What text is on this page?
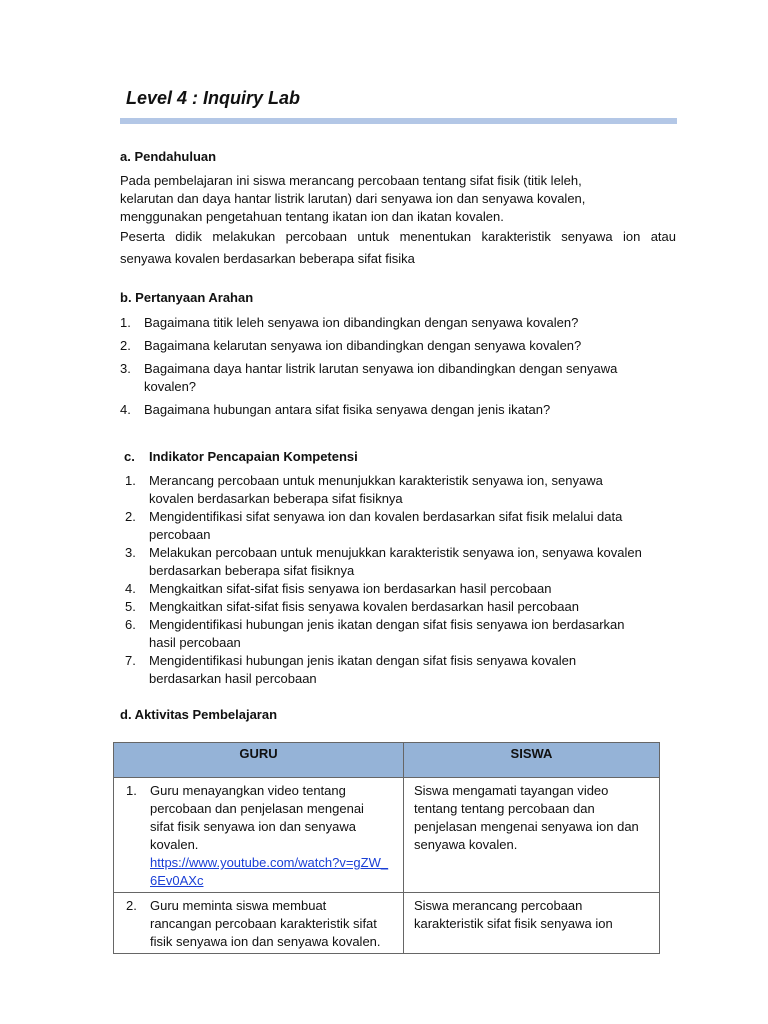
Level 4 : Inquiry Lab
a. Pendahuluan
Pada pembelajaran ini siswa merancang percobaan tentang sifat fisik (titik leleh,
kelarutan dan daya hantar listrik larutan) dari senyawa ion dan senyawa kovalen,
menggunakan pengetahuan tentang ikatan ion dan ikatan kovalen.
Peserta didik melakukan percobaan untuk menentukan karakteristik senyawa ion atau
senyawa kovalen berdasarkan beberapa sifat fisika
b. Pertanyaan Arahan
1. Bagaimana titik leleh senyawa ion dibandingkan dengan senyawa kovalen?
2. Bagaimana kelarutan senyawa ion dibandingkan dengan senyawa kovalen?
3. Bagaimana daya hantar listrik larutan senyawa ion dibandingkan dengan senyawa kovalen?
4. Bagaimana hubungan antara sifat fisika senyawa dengan jenis ikatan?
c. Indikator Pencapaian Kompetensi
1. Merancang percobaan untuk menunjukkan karakteristik senyawa ion, senyawa kovalen berdasarkan beberapa sifat fisiknya
2. Mengidentifikasi sifat senyawa ion dan kovalen berdasarkan sifat fisik melalui data percobaan
3. Melakukan percobaan untuk menujukkan karakteristik senyawa ion, senyawa kovalen berdasarkan beberapa sifat fisiknya
4. Mengkaitkan sifat-sifat fisis senyawa ion berdasarkan hasil percobaan
5. Mengkaitkan sifat-sifat fisis senyawa kovalen berdasarkan hasil percobaan
6. Mengidentifikasi hubungan jenis ikatan dengan sifat fisis senyawa ion berdasarkan hasil percobaan
7. Mengidentifikasi hubungan jenis ikatan dengan sifat fisis senyawa kovalen berdasarkan hasil percobaan
d. Aktivitas Pembelajaran
GURU	SISWA
1. Guru menayangkan video tentang percobaan dan penjelasan mengenai sifat fisik senyawa ion dan senyawa kovalen.
https://www.youtube.com/watch?v=gZW_6Ev0AXc	Siswa mengamati tayangan video tentang tentang percobaan dan penjelasan mengenai senyawa ion dan senyawa kovalen.
2. Guru meminta siswa membuat rancangan percobaan karakteristik sifat fisik senyawa ion dan senyawa kovalen.	Siswa merancang percobaan karakteristik sifat fisik senyawa ion
